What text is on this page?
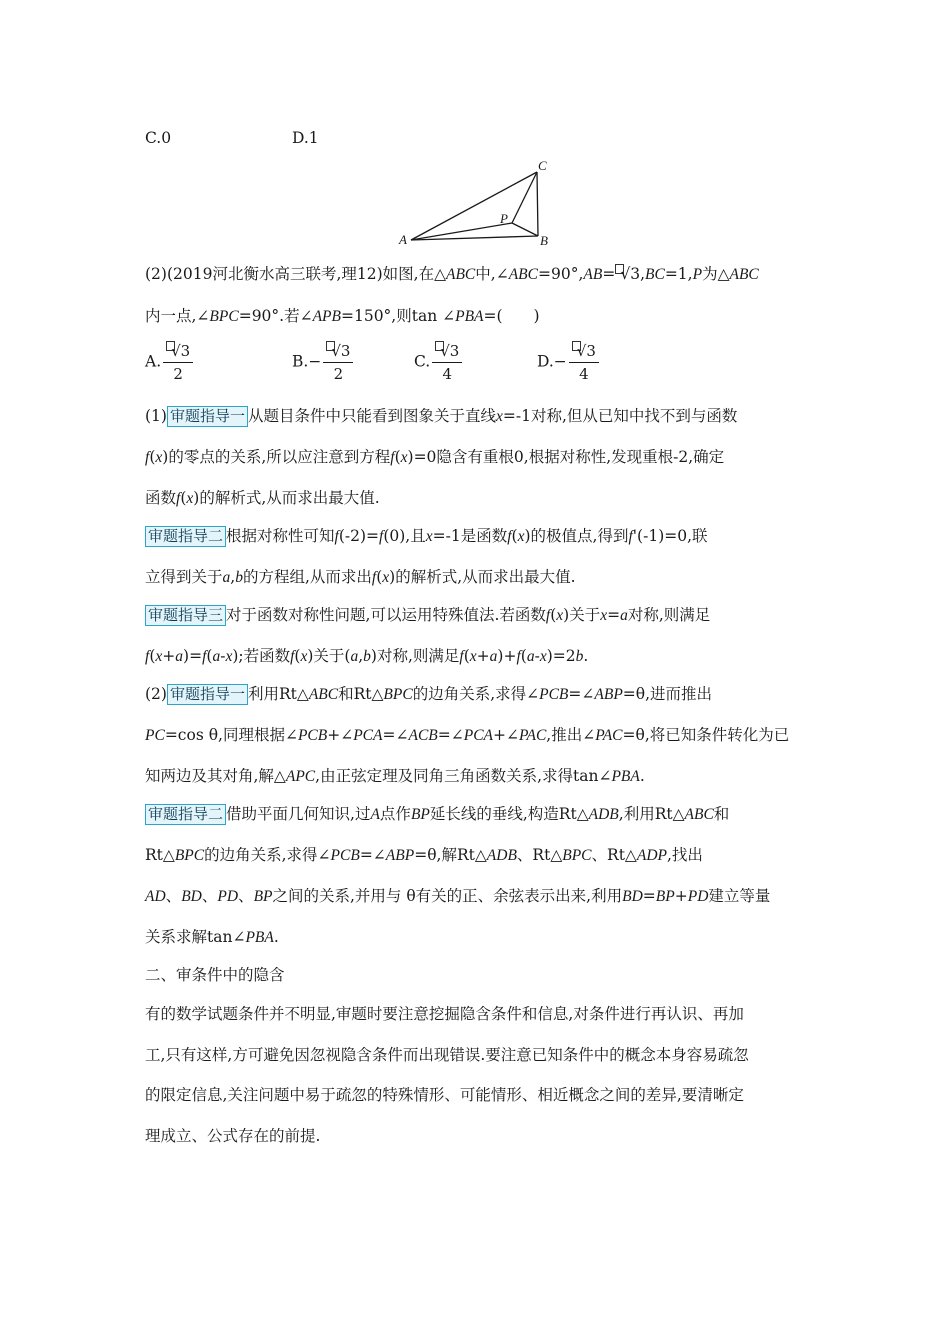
C.0	D.1
A	B
C
P
(2)(2019河北衡水高三联考,理12)如图,在△ABC中,∠ABC=90°,AB= √3,BC=1,P为△ABC
内一点,∠BPC=90°.若∠APB=150°,则tan ∠PBA=(　　)
A. $\frac{√3}{2}$	$B.- \frac{√3}{2}$	C. $\frac{√3}{4}$	$D.- \frac{√3}{4}$
(1) 审题指导一 从题目条件中只能看到图象关于直线x=-1对称,但从已知中找不到与函数
f(x)的零点的关系,所以应注意到方程f(x)=0隐含有重根0,根据对称性,发现重根-2,确定
函数f(x)的解析式,从而求出最大值.
审题指导二 根据对称性可知f(-2)=f(0),且x=-1是函数f(x)的极值点,得到f'(-1)=0,联
立得到关于a,b的方程组,从而求出f(x)的解析式,从而求出最大值.
审题指导三 对于函数对称性问题,可以运用特殊值法.若函数f(x)关于x=a对称,则满足
f(x+a)=f(a-x);若函数f(x)关于(a,b)对称,则满足f(x+a)+f(a-x)=2b.
(2) 审题指导一 利用Rt△ABC和Rt△BPC的边角关系,求得∠PCB=∠ABP=θ,进而推出
PC=cos θ,同理根据∠PCB+∠PCA=∠ACB=∠PCA+∠PAC,推出∠PAC=θ,将已知条件转化为已
知两边及其对角,解△APC,由正弦定理及同角三角函数关系,求得tan∠PBA.
审题指导二 借助平面几何知识,过A点作BP延长线的垂线,构造Rt△ADB,利用Rt△ABC和
Rt△BPC的边角关系,求得∠PCB=∠ABP=θ,解Rt△ADB、Rt△BPC、Rt△ADP,找出
AD、BD、PD、BP之间的关系,并用与 θ有关的正、余弦表示出来,利用BD=BP+PD建立等量
关系求解tan∠PBA.
二、审条件中的隐含
有的数学试题条件并不明显,审题时要注意挖掘隐含条件和信息,对条件进行再认识、再加
工,只有这样,方可避免因忽视隐含条件而出现错误.要注意已知条件中的概念本身容易疏忽
的限定信息,关注问题中易于疏忽的特殊情形、可能情形、相近概念之间的差异,要清晰定
理成立、公式存在的前提.
